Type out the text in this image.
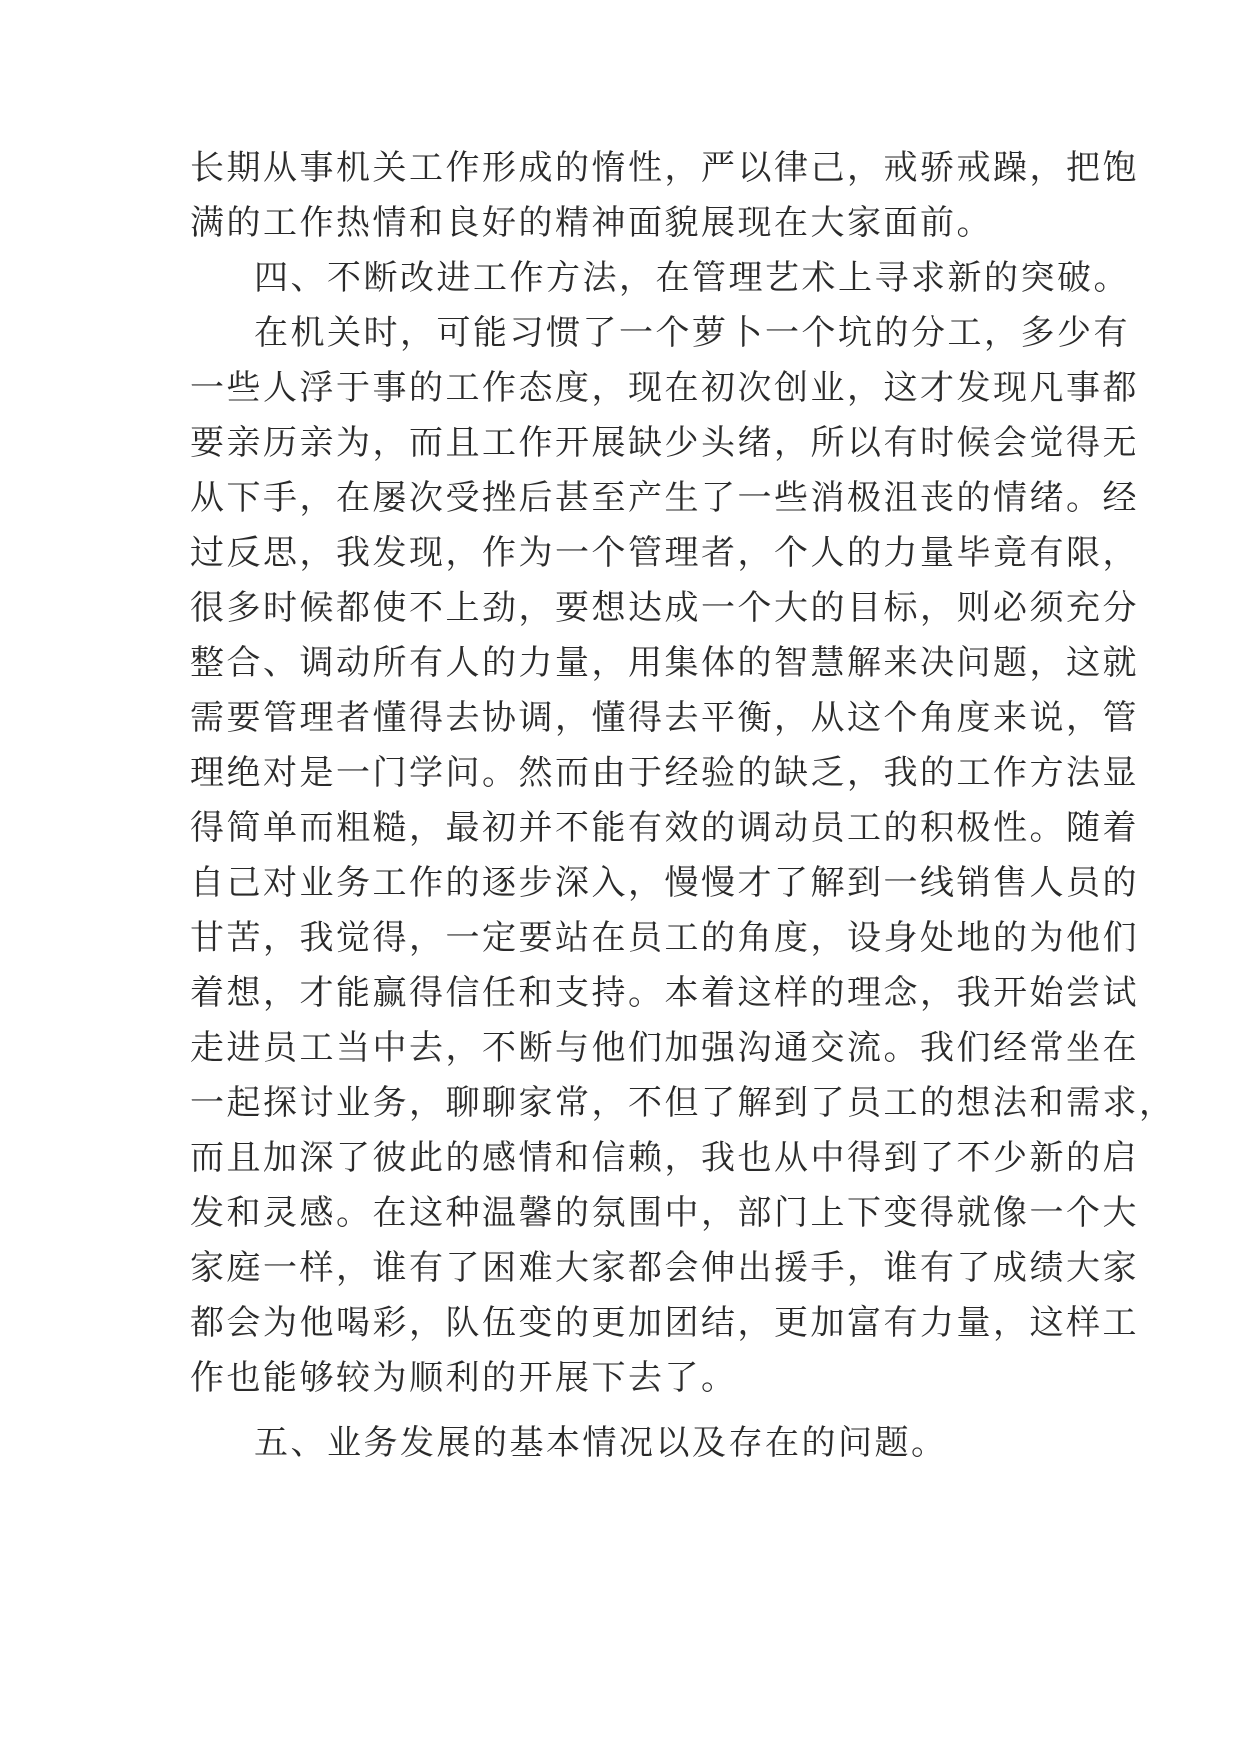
长期从事机关工作形成的惰性，严以律己，戒骄戒躁，把饱
满的工作热情和良好的精神面貌展现在大家面前。
四、不断改进工作方法，在管理艺术上寻求新的突破。
在机关时，可能习惯了一个萝卜一个坑的分工，多少有
一些人浮于事的工作态度，现在初次创业，这才发现凡事都
要亲历亲为，而且工作开展缺少头绪，所以有时候会觉得无
从下手，在屡次受挫后甚至产生了一些消极沮丧的情绪。经
过反思，我发现，作为一个管理者，个人的力量毕竟有限，
很多时候都使不上劲，要想达成一个大的目标，则必须充分
整合、调动所有人的力量，用集体的智慧解来决问题，这就
需要管理者懂得去协调，懂得去平衡，从这个角度来说，管
理绝对是一门学问。然而由于经验的缺乏，我的工作方法显
得简单而粗糙，最初并不能有效的调动员工的积极性。随着
自己对业务工作的逐步深入，慢慢才了解到一线销售人员的
甘苦，我觉得，一定要站在员工的角度，设身处地的为他们
着想，才能赢得信任和支持。本着这样的理念，我开始尝试
走进员工当中去，不断与他们加强沟通交流。我们经常坐在
一起探讨业务，聊聊家常，不但了解到了员工的想法和需求，
而且加深了彼此的感情和信赖，我也从中得到了不少新的启
发和灵感。在这种温馨的氛围中，部门上下变得就像一个大
家庭一样，谁有了困难大家都会伸出援手，谁有了成绩大家
都会为他喝彩，队伍变的更加团结，更加富有力量，这样工
作也能够较为顺利的开展下去了。
五、业务发展的基本情况以及存在的问题。
